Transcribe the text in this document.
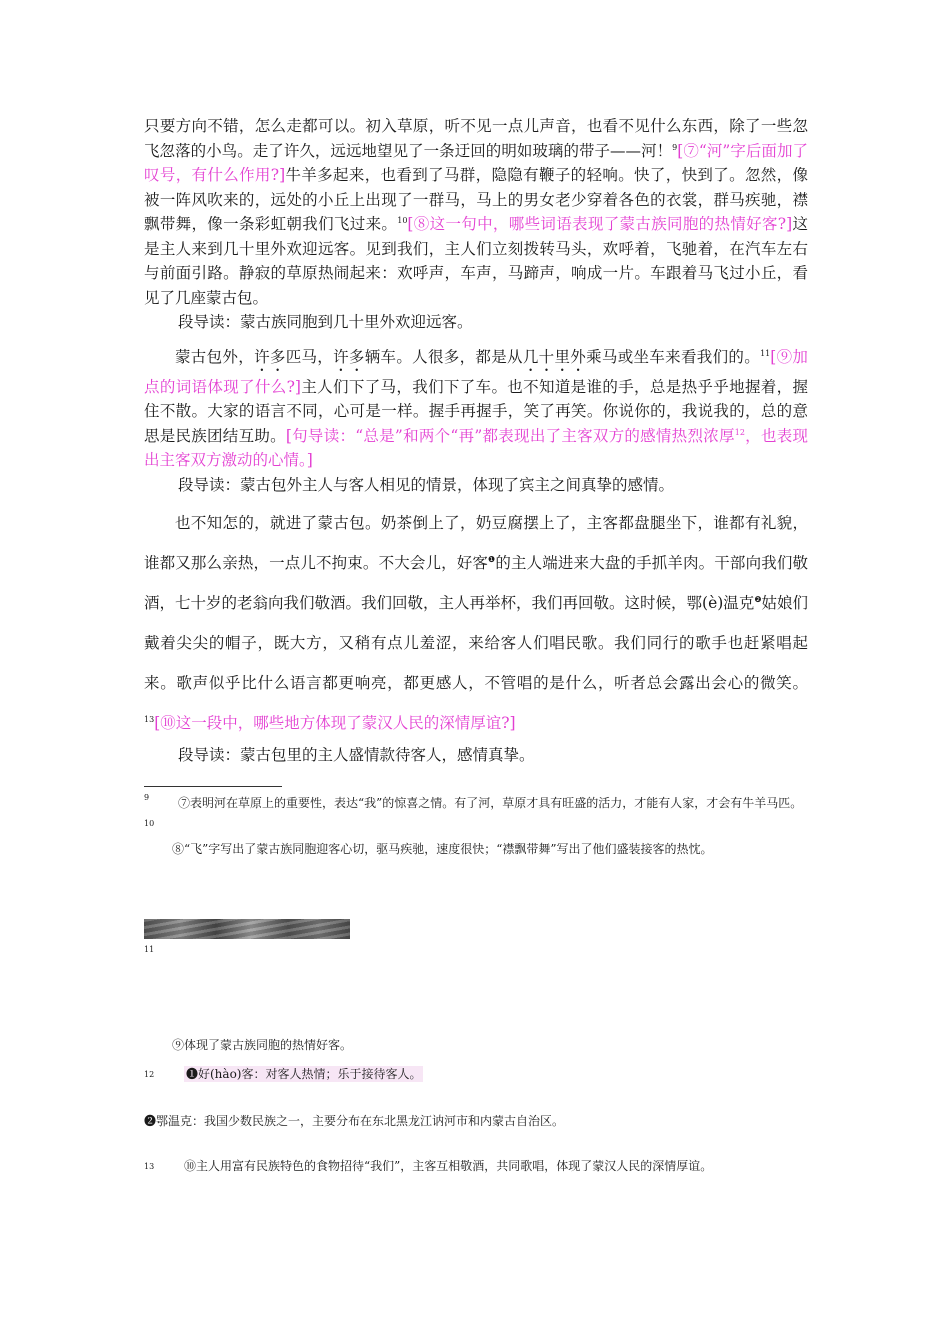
只要方向不错，怎么走都可以。初入草原，听不见一点儿声音，也看不见什么东西，除了一些忽飞忽落的小鸟。走了许久，远远地望见了一条迂回的明如玻璃的带子——河！$^9$[⑦“河”字后面加了叹号，有什么作用?]牛羊多起来，也看到了马群，隐隐有鞭子的轻响。快了，快到了。忽然，像被一阵风吹来的，远处的小丘上出现了一群马，马上的男女老少穿着各色的衣裳，群马疾驰，襟飘带舞，像一条彩虹朝我们飞过来。$^{10}$[⑧这一句中，哪些词语表现了蒙古族同胞的热情好客?]这是主人来到几十里外欢迎远客。见到我们，主人们立刻拨转马头，欢呼着，飞驰着，在汽车左右与前面引路。静寂的草原热闹起来：欢呼声，车声，马蹄声，响成一片。车跟着马飞过小丘，看见了几座蒙古包。

段导读：蒙古族同胞到几十里外欢迎远客。

蒙古包外，许多匹马，许多辆车。人很多，都是从几十里外乘马或坐车来看我们的。$^{11}$[⑨加点的词语体现了什么?]主人们下了马，我们下了车。也不知道是谁的手，总是热乎乎地握着，握住不散。大家的语言不同，心可是一样。握手再握手，笑了再笑。你说你的，我说我的，总的意思是民族团结互助。[句导读：“总是”和两个“再”都表现出了主客双方的感情热烈浓厚$^{12}$，也表现出主客双方激动的心情。]

段导读：蒙古包外主人与客人相见的情景，体现了宾主之间真挚的感情。

也不知怎的，就进了蒙古包。奶茶倒上了，奶豆腐摆上了，主客都盘腿坐下，谁都有礼貌，谁都又那么亲热，一点儿不拘束。不大会儿，好客$^❶$的主人端进来大盘的手抓羊肉。干部向我们敬酒，七十岁的老翁向我们敬酒。我们回敬，主人再举杯，我们再回敬。这时候，鄂(è)温克$^❷$姑娘们戴着尖尖的帽子，既大方，又稍有点儿羞涩，来给客人们唱民歌。我们同行的歌手也赶紧唱起来。歌声似乎比什么语言都更响亮，都更感人，不管唱的是什么，听者总会露出会心的微笑。$^{13}$[⑩这一段中，哪些地方体现了蒙汉人民的深情厚谊?]

段导读：蒙古包里的主人盛情款待客人，感情真挚。

9	⑦表明河在草原上的重要性，表达“我”的惊喜之情。有了河，草原才具有旺盛的活力，才能有人家，才会有牛羊马匹。

10

⑧“飞”字写出了蒙古族同胞迎客心切，驱马疾驰，速度很快；“襟飘带舞”写出了他们盛装接客的热忱。

11

⑨体现了蒙古族同胞的热情好客。

12	❶好(hào)客：对客人热情；乐于接待客人。

❷鄂温克：我国少数民族之一，主要分布在东北黑龙江讷河市和内蒙古自治区。

13	⑩主人用富有民族特色的食物招待“我们”，主客互相敬酒，共同歌唱，体现了蒙汉人民的深情厚谊。
